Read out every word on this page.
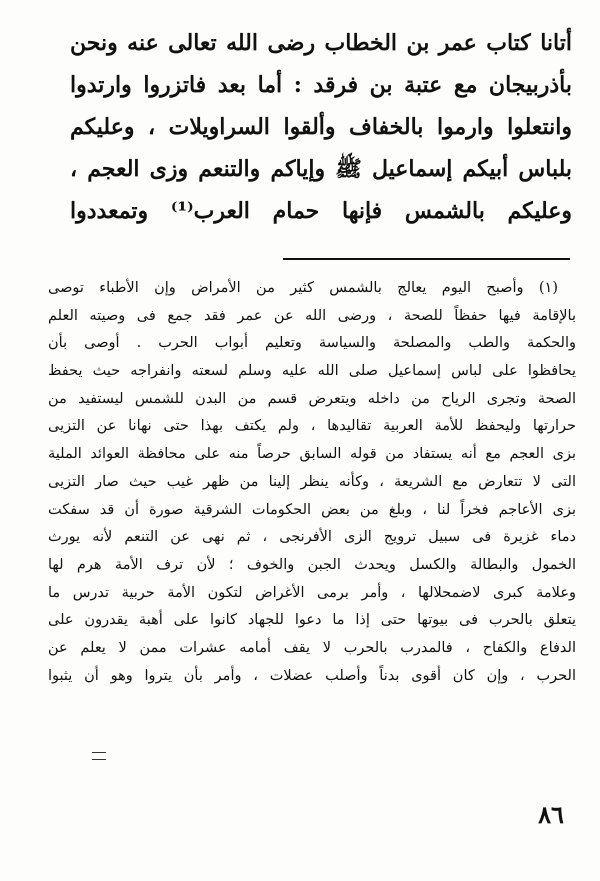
أتانا كتاب عمر بن الخطاب رضى الله تعالى عنه ونحن
بأذربيجان مع عتبة بن فرقد : أما بعد فاتزروا وارتدوا
وانتعلوا وارموا بالخفاف وألقوا السراويلات ، وعليكم
بلباس أبيكم إسماعيل ﷺ وإياكم والتنعم وزى العجم ،
وعليكم بالشمس فإنها حمام العرب⁽¹⁾ وتمعددوا
(١) وأصبح اليوم يعالج بالشمس كثير من الأمراض وإن الأطباء توصى
بالإقامة فيها حفظاً للصحة ، ورضى الله عن عمر فقد جمع فى وصيته العلم
والحكمة والطب والمصلحة والسياسة وتعليم أبواب الحرب . أوصى بأن
يحافظوا على لباس إسماعيل صلى الله عليه وسلم لسعته وانفراجه حيث يحفظ
الصحة وتجرى الرياح من داخله ويتعرض قسم من البدن للشمس ليستفيد من
حرارتها وليحفظ للأمة العربية تقاليدها ، ولم يكتف بهذا حتى نهانا عن التزيى
بزى العجم مع أنه يستفاد من قوله السابق حرصاً منه على محافظة العوائد الملية
التى لا تتعارض مع الشريعة ، وكأنه ينظر إلينا من ظهر غيب حيث صار التزيى
بزى الأعاجم فخراً لنا ، وبلغ من بعض الحكومات الشرقية صورة أن قد سفكت
دماء غزيرة فى سبيل ترويج الزى الأفرنجى ، ثم نهى عن التنعم لأنه يورث
الخمول والبطالة والكسل ويحدث الجبن والخوف ؛ لأن ترف الأمة هرم لها
وعلامة كبرى لاضمحلالها ، وأمر برمى الأغراض لتكون الأمة حربية تدرس ما
يتعلق بالحرب فى بيوتها حتى إذا ما دعوا للجهاد كانوا على أهبة يقدرون على
الدفاع والكفاح ، فالمدرب بالحرب لا يقف أمامه عشرات ممن لا يعلم عن
الحرب ، وإن كان أقوى بدناً وأصلب عضلات ، وأمر بأن يتروا وهو أن يثبوا
٨٦
